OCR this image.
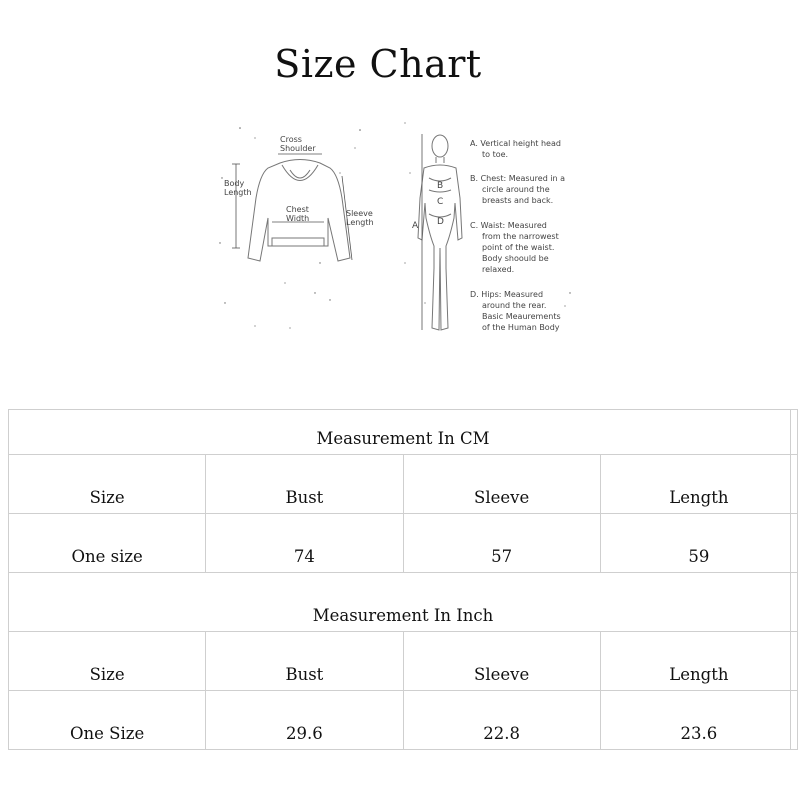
Size Chart
Cross
Shoulder
Body
Length
Chest
Width
Sleeve
Length	A
B
C
D
A. Vertical height head
to toe.
B. Chest: Measured in a
circle around the
breasts and back.
C. Waist: Measured
from the narrowest
point of the waist.
Body shoould be
relaxed.
D. Hips: Measured
around the rear.
Basic Meaurements
of the Human Body
Measurement In CM			
Size	Bust	Sleeve	Length
One size	74	57	59
Measurement In Inch			
Size	Bust	Sleeve	Length
One Size	29.6	22.8	23.6
